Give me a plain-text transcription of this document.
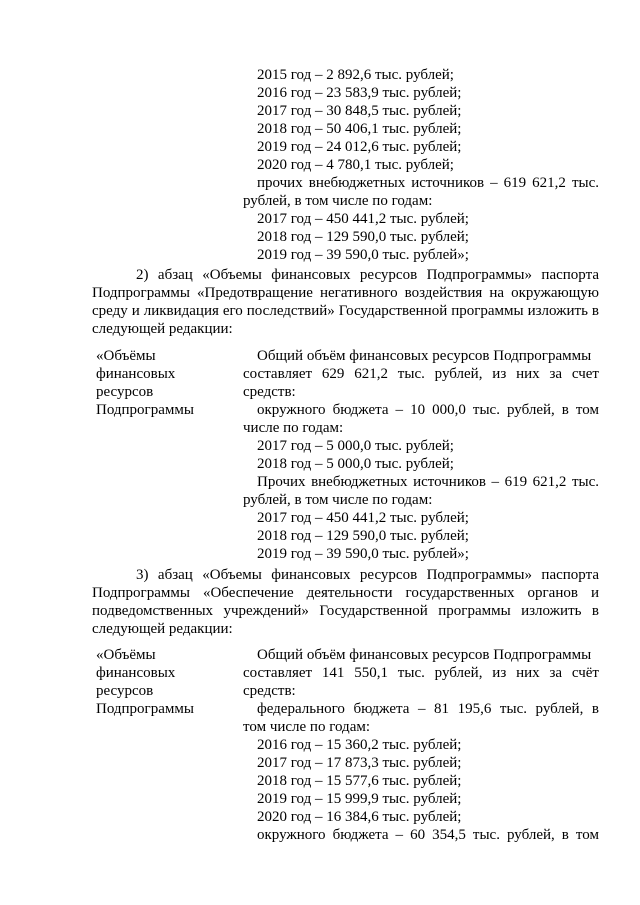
2015 год – 2 892,6 тыс. рублей;
2016 год – 23 583,9 тыс. рублей;
2017 год – 30 848,5 тыс. рублей;
2018 год – 50 406,1 тыс. рублей;
2019 год – 24 012,6 тыс. рублей;
2020 год – 4 780,1 тыс. рублей;
прочих внебюджетных источников – 619 621,2 тыс.
рублей, в том числе по годам:
2017 год – 450 441,2 тыс. рублей;
2018 год – 129 590,0 тыс. рублей;
2019 год – 39 590,0 тыс. рублей»;
2) абзац «Объемы финансовых ресурсов Подпрограммы» паспорта
Подпрограммы «Предотвращение негативного воздействия на окружающую
среду и ликвидация его последствий» Государственной программы изложить в
следующей редакции:
«Объёмы
финансовых
ресурсов
Подпрограммы
Общий объём финансовых ресурсов Подпрограммы
составляет 629 621,2 тыс. рублей, из них за счет
средств:
окружного бюджета – 10 000,0 тыс. рублей, в том
числе по годам:
2017 год – 5 000,0 тыс. рублей;
2018 год – 5 000,0 тыс. рублей;
Прочих внебюджетных источников – 619 621,2 тыс.
рублей, в том числе по годам:
2017 год – 450 441,2 тыс. рублей;
2018 год – 129 590,0 тыс. рублей;
2019 год – 39 590,0 тыс. рублей»;
3) абзац «Объемы финансовых ресурсов Подпрограммы» паспорта
Подпрограммы «Обеспечение деятельности государственных органов и
подведомственных учреждений» Государственной программы изложить в
следующей редакции:
«Объёмы
финансовых
ресурсов
Подпрограммы
Общий объём финансовых ресурсов Подпрограммы
составляет 141 550,1 тыс. рублей, из них за счёт
средств:
федерального бюджета – 81 195,6 тыс. рублей, в
том числе по годам:
2016 год – 15 360,2 тыс. рублей;
2017 год – 17 873,3 тыс. рублей;
2018 год – 15 577,6 тыс. рублей;
2019 год – 15 999,9 тыс. рублей;
2020 год – 16 384,6 тыс. рублей;
окружного бюджета – 60 354,5 тыс. рублей, в том
